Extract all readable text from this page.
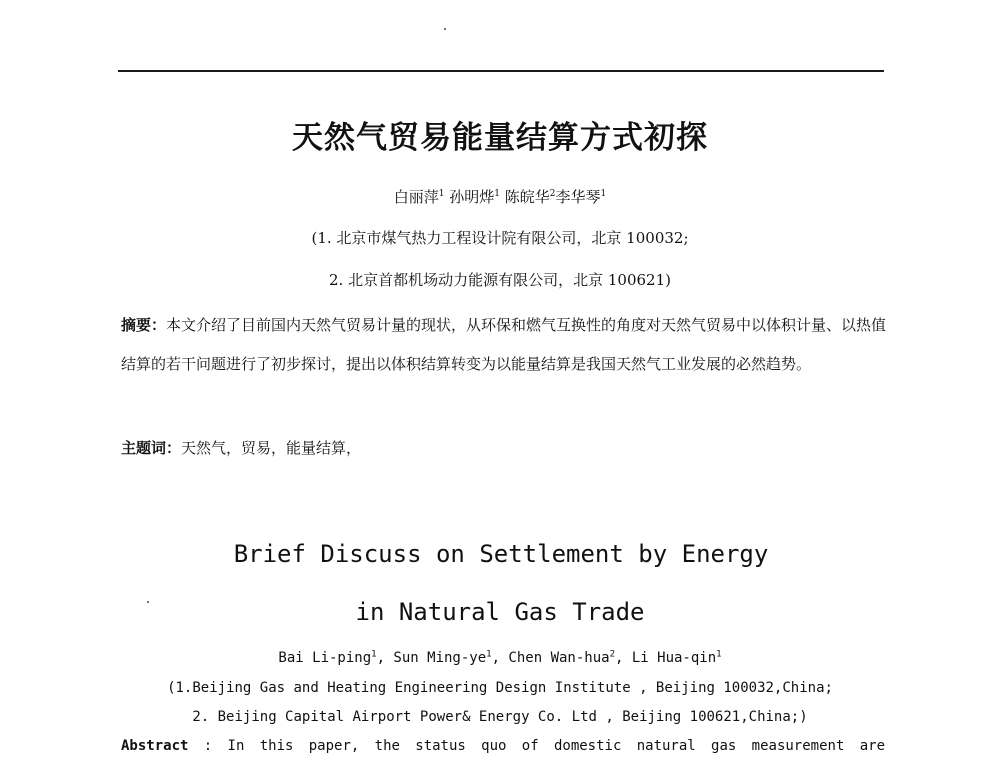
天然气贸易能量结算方式初探
白丽萍$^1$ 孙明烨$^1$ 陈皖华$^2$李华琴$^1$
(1. 北京市煤气热力工程设计院有限公司，北京 100032;
2. 北京首都机场动力能源有限公司，北京 100621)
摘要：本文介绍了目前国内天然气贸易计量的现状，从环保和燃气互换性的角度对天然气贸易中以体积计量、以热值结算的若干问题进行了初步探讨，提出以体积结算转变为以能量结算是我国天然气工业发展的必然趋势。
主题词：天然气，贸易，能量结算，
Brief Discuss on Settlement by Energy
in Natural Gas Trade
Bai Li-ping$^1$, Sun Ming-$ye^1$, Chen Wan-hua$^2$, Li Hua-qin$^1$
(1.Beijing Gas and Heating Engineering Design Institute , Beijing 100032,China;
2. Beijing Capital Airport Power& Energy Co. Ltd , Beijing 100621,China;)
Abstract : In this paper, the status quo of domestic natural gas measurement are
